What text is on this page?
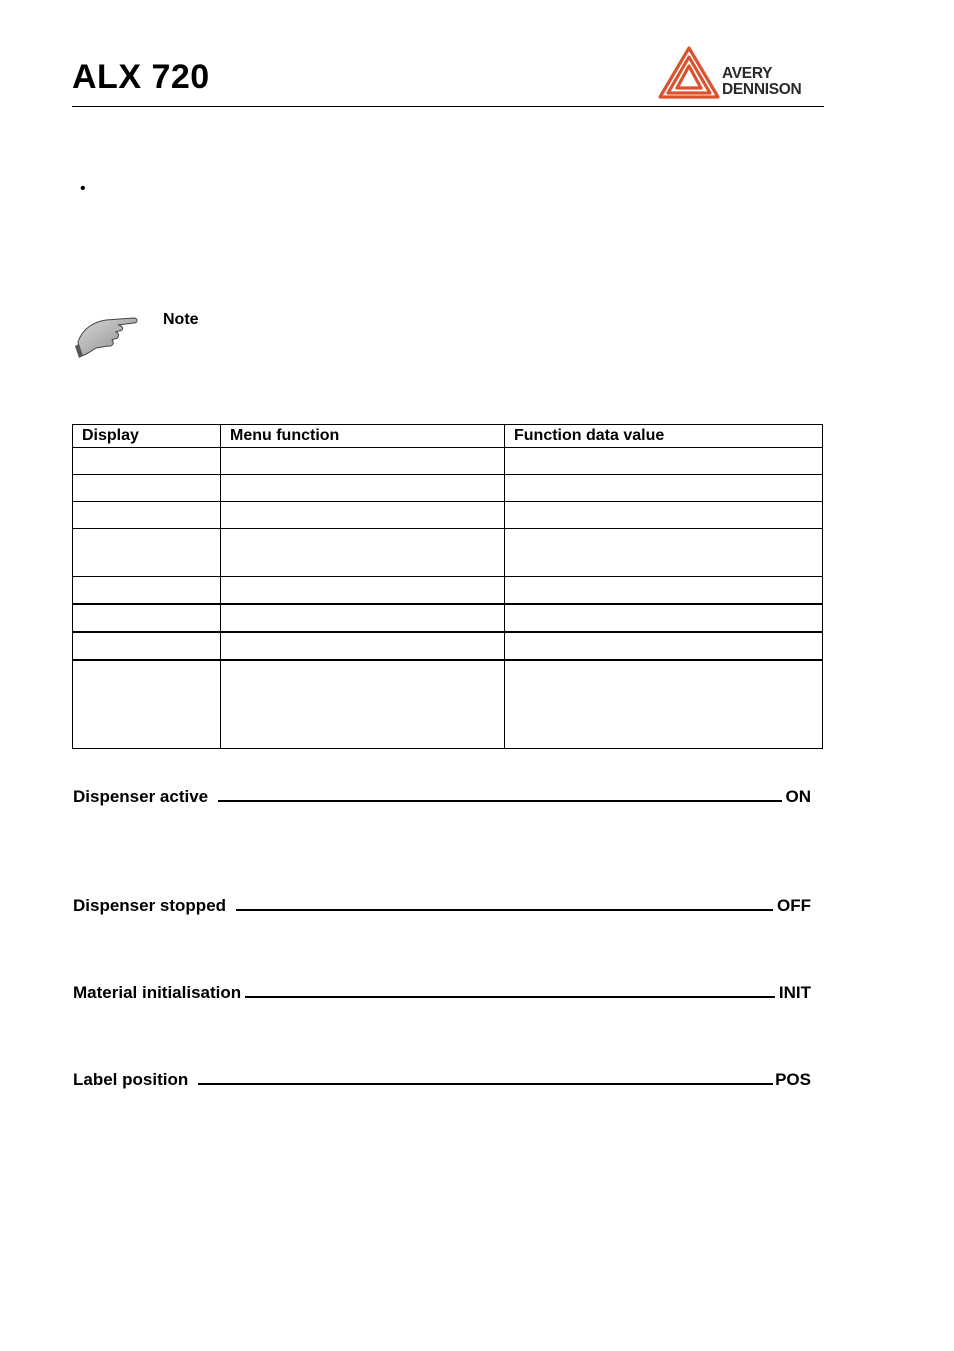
ALX 720	AVERY
DENNISON
•
Note
Display	Menu function	Function data value

Dispenser active	ON
Dispenser stopped	OFF
Material initialisation	INIT
Label position	POS
